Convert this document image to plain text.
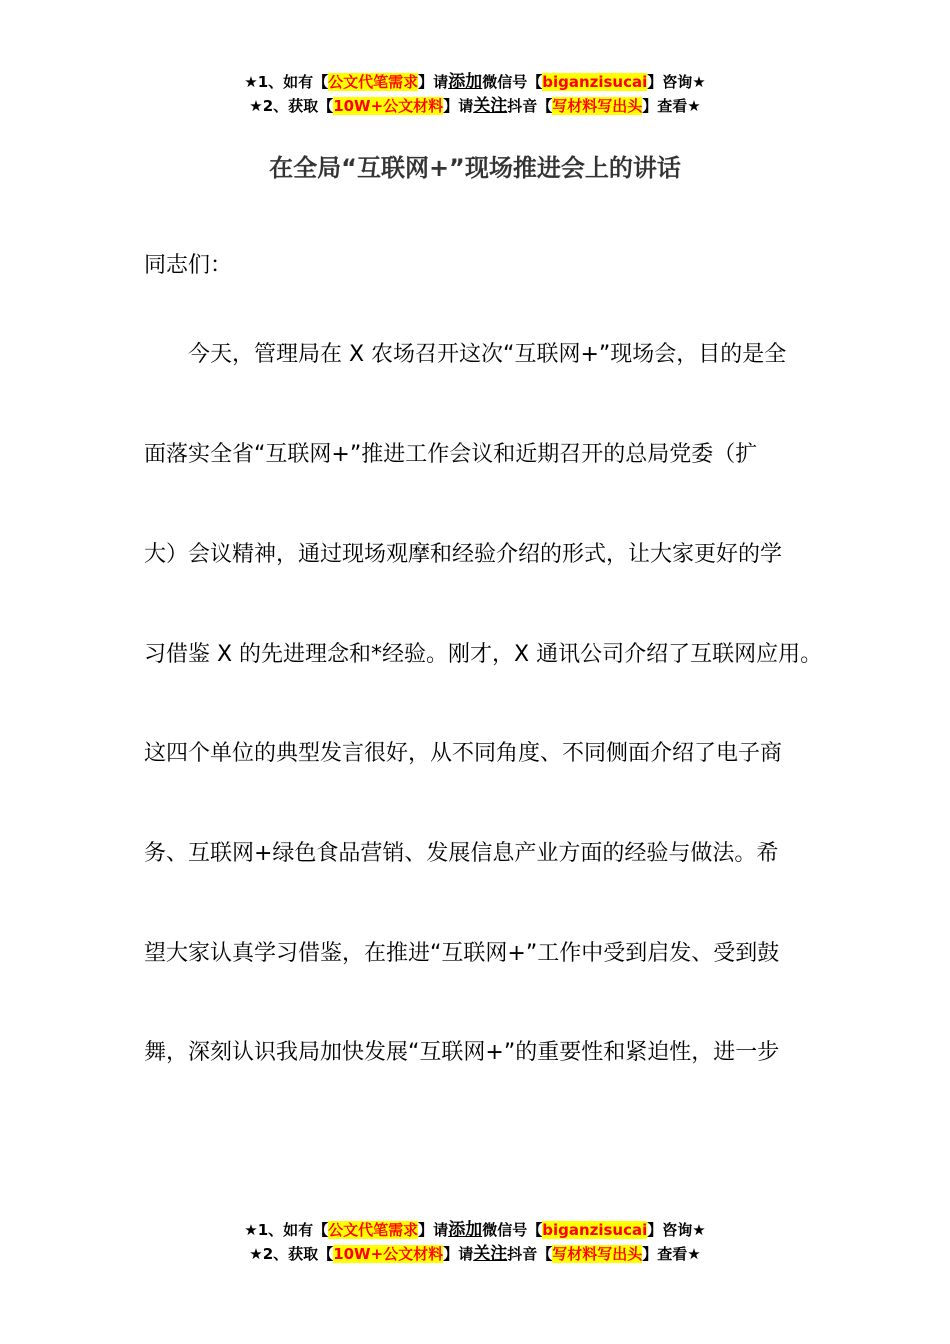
★1、如有【公文代笔需求】请添加微信号【biganzisucai】咨询★
★2、获取【10W+公文材料】请关注抖音【写材料写出头】查看★
在全局“互联网+”现场推进会上的讲话
同志们：
今天，管理局在 X 农场召开这次“互联网+”现场会，目的是全
面落实全省“互联网+”推进工作会议和近期召开的总局党委（扩
大）会议精神，通过现场观摩和经验介绍的形式，让大家更好的学
习借鉴 X 的先进理念和*经验。刚才，X 通讯公司介绍了互联网应用。
这四个单位的典型发言很好，从不同角度、不同侧面介绍了电子商
务、互联网+绿色食品营销、发展信息产业方面的经验与做法。希
望大家认真学习借鉴，在推进“互联网+”工作中受到启发、受到鼓
舞，深刻认识我局加快发展“互联网+”的重要性和紧迫性，进一步
★1、如有【公文代笔需求】请添加微信号【biganzisucai】咨询★
★2、获取【10W+公文材料】请关注抖音【写材料写出头】查看★
